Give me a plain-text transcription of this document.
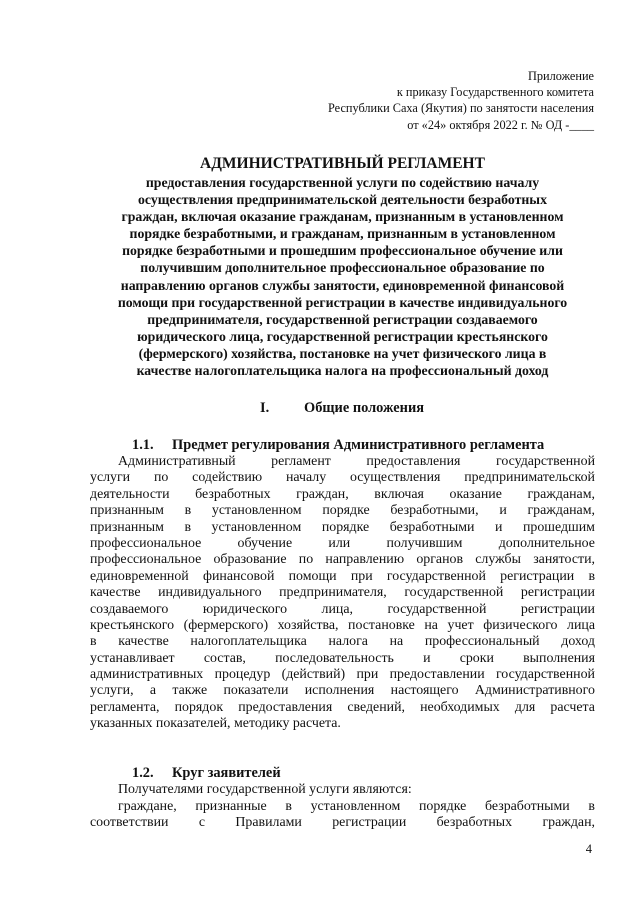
Приложение
к приказу Государственного комитета
Республики Саха (Якутия) по занятости населения
от «24» октября 2022 г. № ОД -____
АДМИНИСТРАТИВНЫЙ РЕГЛАМЕНТ
предоставления государственной услуги по содействию началу
осуществления предпринимательской деятельности безработных
граждан, включая оказание гражданам, признанным в установленном
порядке безработными, и гражданам, признанным в установленном
порядке безработными и прошедшим профессиональное обучение или
получившим дополнительное профессиональное образование по
направлению органов службы занятости, единовременной финансовой
помощи при государственной регистрации в качестве индивидуального
предпринимателя, государственной регистрации создаваемого
юридического лица, государственной регистрации крестьянского
(фермерского) хозяйства, постановке на учет физического лица в
качестве налогоплательщика налога на профессиональный доход
I. Общие положения
1.1. Предмет регулирования Административного регламента
Административный	регламент	предоставления	государственной
услуги по содействию началу осуществления предпринимательской
деятельности безработных граждан, включая оказание гражданам,
признанным в установленном порядке безработными, и гражданам,
признанным в установленном порядке безработными и прошедшим
профессиональное	обучение	или	получившим	дополнительное
профессиональное образование по направлению органов службы занятости,
единовременной финансовой помощи при государственной регистрации в
качестве индивидуального предпринимателя, государственной регистрации
создаваемого юридического лица, государственной регистрации
крестьянского (фермерского) хозяйства, постановке на учет физического лица
в качестве налогоплательщика налога на профессиональный доход
устанавливает состав, последовательность и сроки выполнения
административных процедур (действий) при предоставлении государственной
услуги, а также показатели исполнения настоящего Административного
регламента, порядок предоставления сведений, необходимых для расчета
указанных показателей, методику расчета.
1.2. Круг заявителей
Получателями государственной услуги являются:
граждане, признанные в установленном порядке безработными в
соответствии с Правилами регистрации безработных граждан,
4
